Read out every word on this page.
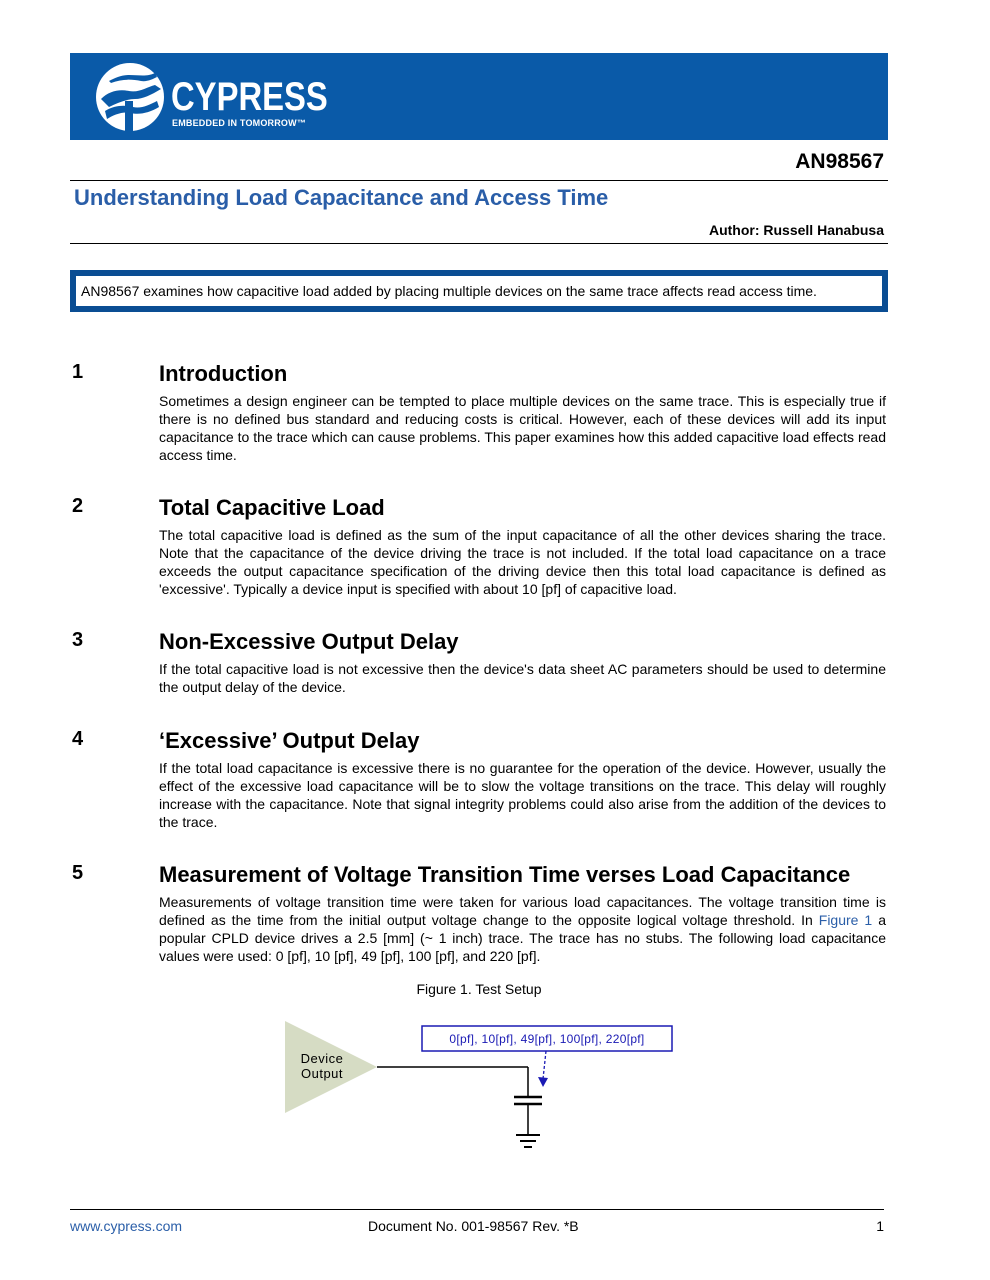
CYPRESS
EMBEDDED IN TOMORROW™
AN98567
Understanding Load Capacitance and Access Time
Author: Russell Hanabusa
AN98567 examines how capacitive load added by placing multiple devices on the same trace affects read access time.
1	Introduction
Sometimes a design engineer can be tempted to place multiple devices on the same trace. This is especially true if there is no defined bus standard and reducing costs is critical. However, each of these devices will add its input capacitance to the trace which can cause problems. This paper examines how this added capacitive load effects read access time.
2	Total Capacitive Load
The total capacitive load is defined as the sum of the input capacitance of all the other devices sharing the trace. Note that the capacitance of the device driving the trace is not included. If the total load capacitance on a trace exceeds the output capacitance specification of the driving device then this total load capacitance is defined as 'excessive'. Typically a device input is specified with about 10 [pf] of capacitive load.
3	Non-Excessive Output Delay
If the total capacitive load is not excessive then the device's data sheet AC parameters should be used to determine the output delay of the device.
4	‘Excessive’ Output Delay
If the total load capacitance is excessive there is no guarantee for the operation of the device. However, usually the effect of the excessive load capacitance will be to slow the voltage transitions on the trace. This delay will roughly increase with the capacitance. Note that signal integrity problems could also arise from the addition of the devices to the trace.
5	Measurement of Voltage Transition Time verses Load Capacitance
Measurements of voltage transition time were taken for various load capacitances. The voltage transition time is defined as the time from the initial output voltage change to the opposite logical voltage threshold. In Figure 1 a popular CPLD device drives a 2.5 [mm] (~ 1 inch) trace. The trace has no stubs. The following load capacitance values were used: 0 [pf], 10 [pf], 49 [pf], 100 [pf], and 220 [pf].
Figure 1. Test Setup
Device
Output
0[pf], 10[pf], 49[pf], 100[pf], 220[pf]
www.cypress.com	Document No. 001-98567 Rev. *B	1
